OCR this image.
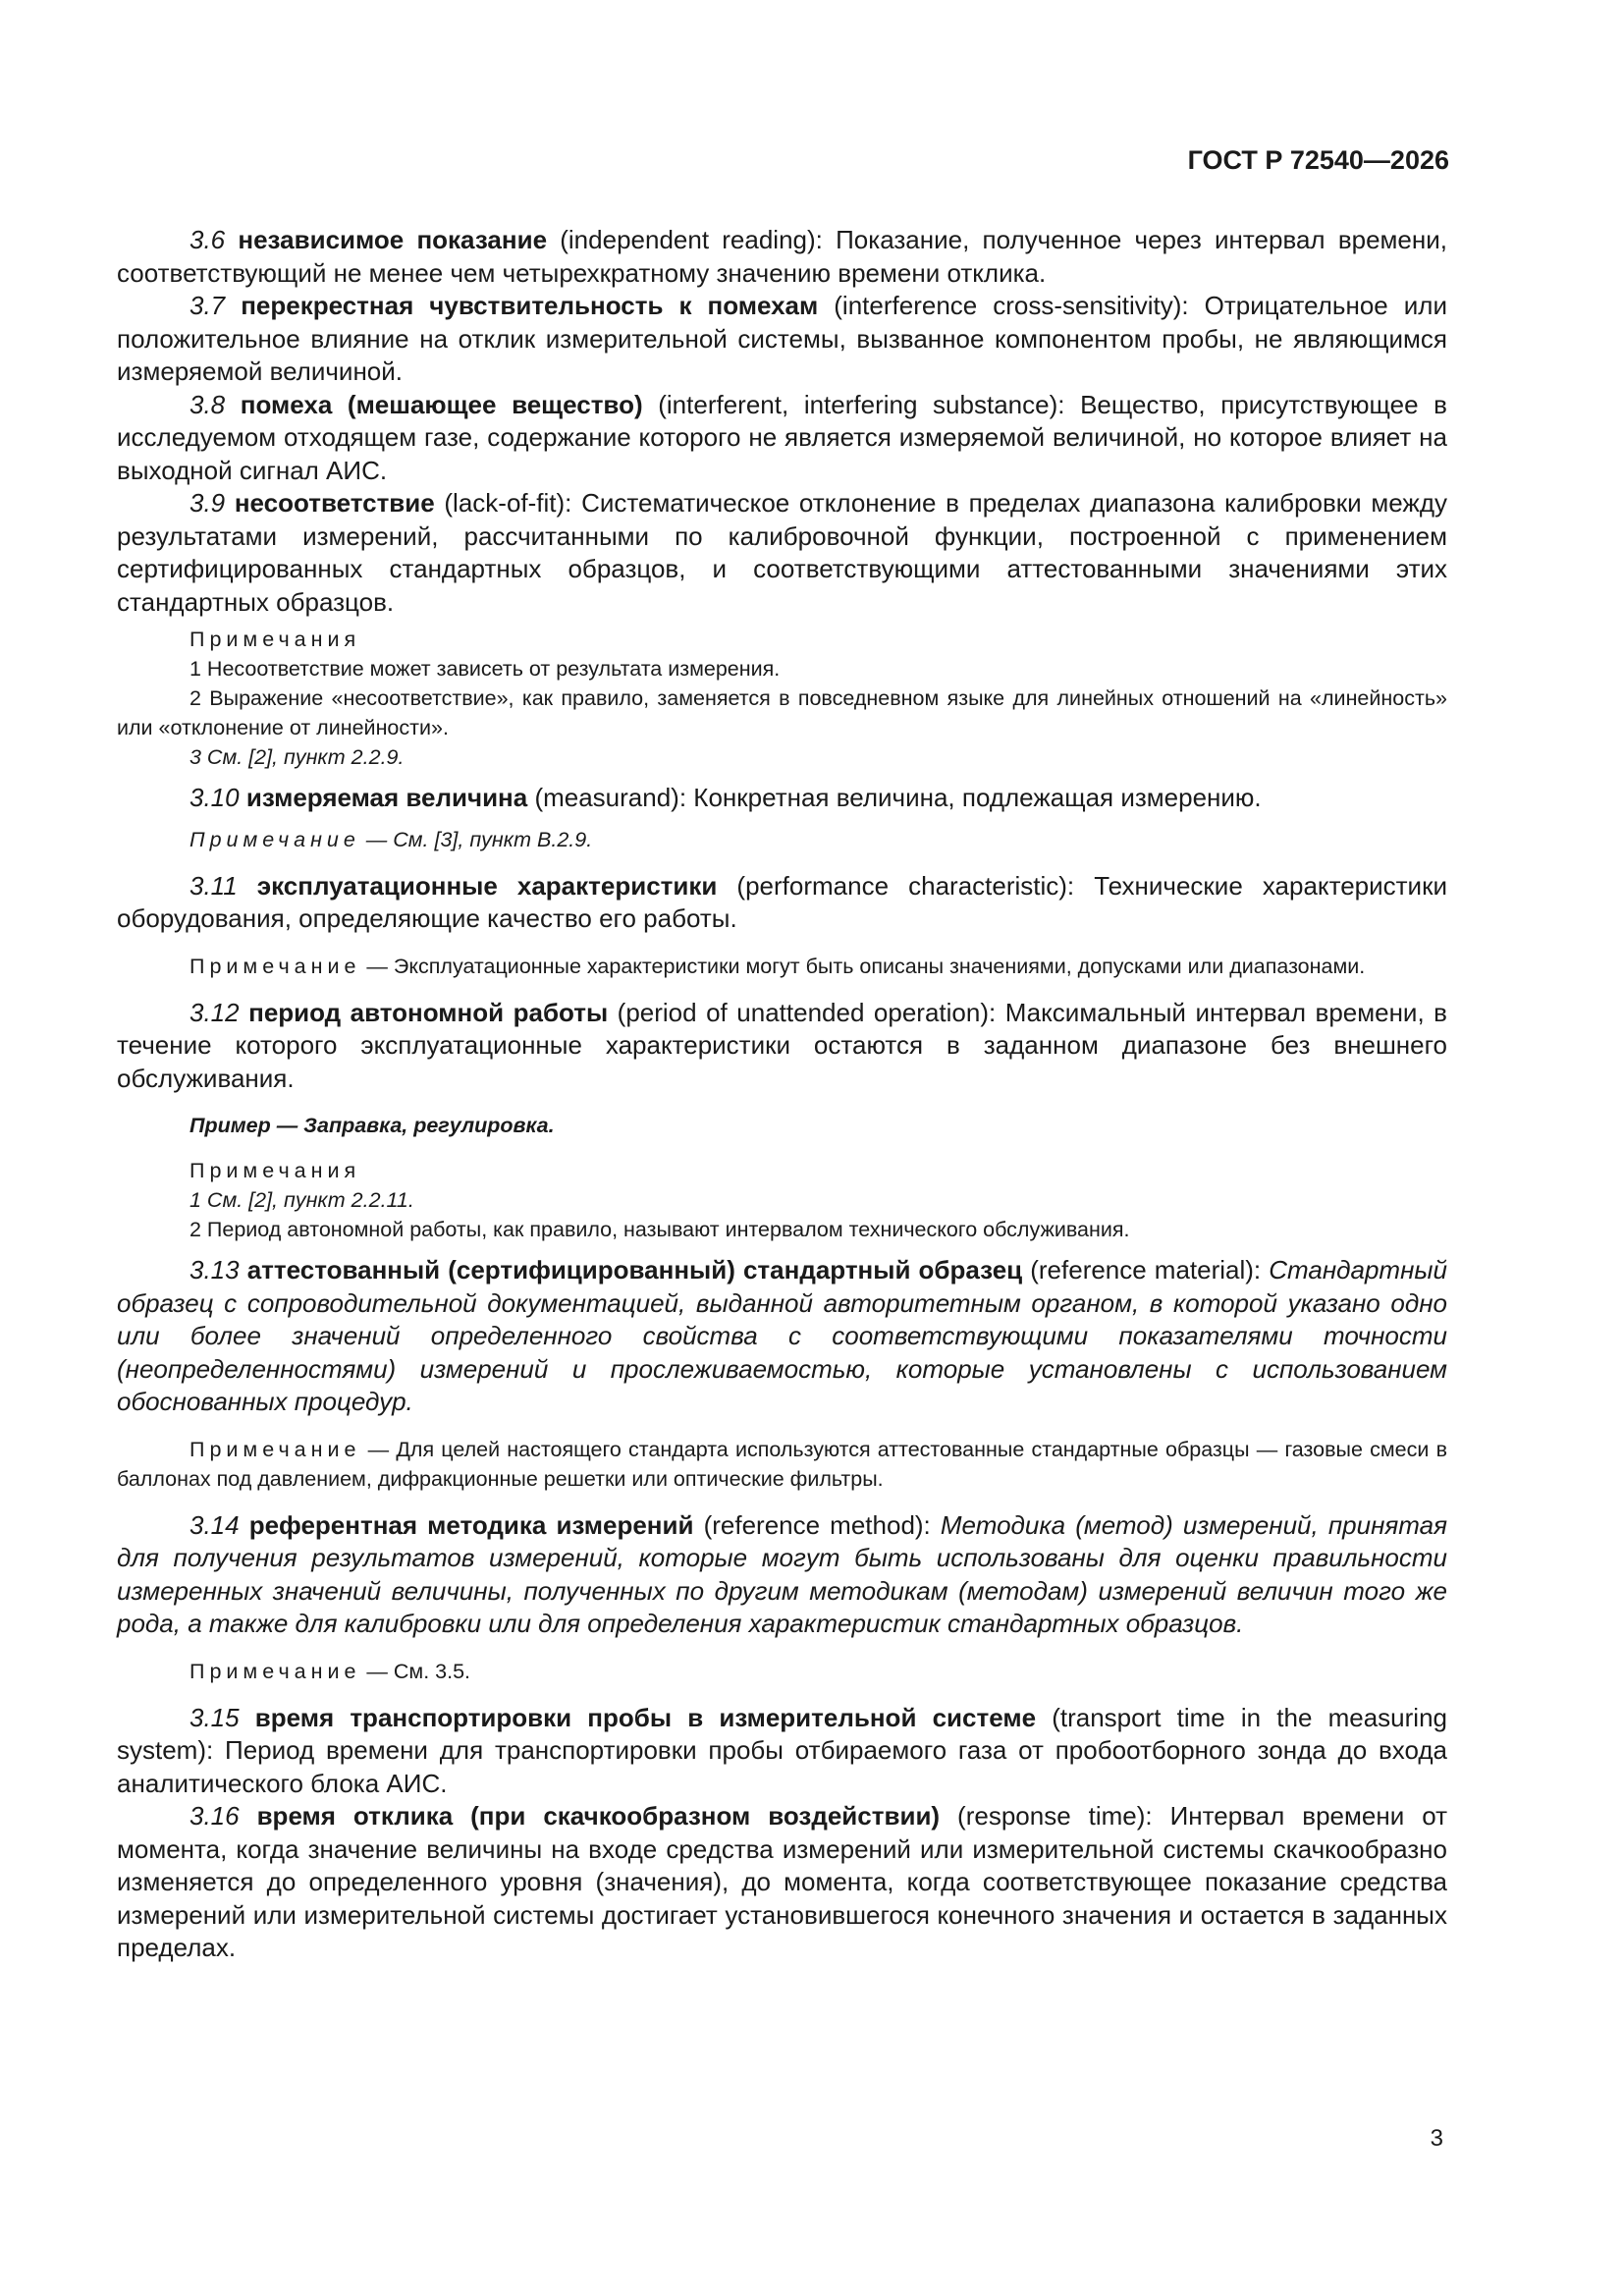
ГОСТ Р 72540—2026

3.6 независимое показание (independent reading): Показание, полученное через интервал времени, соответствующий не менее чем четырехкратному значению времени отклика.

3.7 перекрестная чувствительность к помехам (interference cross-sensitivity): Отрицательное или положительное влияние на отклик измерительной системы, вызванное компонентом пробы, не являющимся измеряемой величиной.

3.8 помеха (мешающее вещество) (interferent, interfering substance): Вещество, присутствующее в исследуемом отходящем газе, содержание которого не является измеряемой величиной, но которое влияет на выходной сигнал АИС.

3.9 несоответствие (lack-of-fit): Систематическое отклонение в пределах диапазона калибровки между результатами измерений, рассчитанными по калибровочной функции, построенной с применением сертифицированных стандартных образцов, и соответствующими аттестованными значениями этих стандартных образцов.

Примечания

1 Несоответствие может зависеть от результата измерения.

2 Выражение «несоответствие», как правило, заменяется в повседневном языке для линейных отношений на «линейность» или «отклонение от линейности».

3 См. [2], пункт 2.2.9.

3.10 измеряемая величина (measurand): Конкретная величина, подлежащая измерению.

Примечание — См. [3], пункт В.2.9.

3.11 эксплуатационные характеристики (performance characteristic): Технические характеристики оборудования, определяющие качество его работы.

Примечание — Эксплуатационные характеристики могут быть описаны значениями, допусками или диапазонами.

3.12 период автономной работы (period of unattended operation): Максимальный интервал времени, в течение которого эксплуатационные характеристики остаются в заданном диапазоне без внешнего обслуживания.

Пример — Заправка, регулировка.

Примечания

1 См. [2], пункт 2.2.11.

2 Период автономной работы, как правило, называют интервалом технического обслуживания.

3.13 аттестованный (сертифицированный) стандартный образец (reference material): Стандартный образец с сопроводительной документацией, выданной авторитетным органом, в которой указано одно или более значений определенного свойства с соответствующими показателями точности (неопределенностями) измерений и прослеживаемостью, которые установлены с использованием обоснованных процедур.

Примечание — Для целей настоящего стандарта используются аттестованные стандартные образцы — газовые смеси в баллонах под давлением, дифракционные решетки или оптические фильтры.

3.14 референтная методика измерений (reference method): Методика (метод) измерений, принятая для получения результатов измерений, которые могут быть использованы для оценки правильности измеренных значений величины, полученных по другим методикам (методам) измерений величин того же рода, а также для калибровки или для определения характеристик стандартных образцов.

Примечание — См. 3.5.

3.15 время транспортировки пробы в измерительной системе (transport time in the measuring system): Период времени для транспортировки пробы отбираемого газа от пробоотборного зонда до входа аналитического блока АИС.

3.16 время отклика (при скачкообразном воздействии) (response time): Интервал времени от момента, когда значение величины на входе средства измерений или измерительной системы скачкообразно изменяется до определенного уровня (значения), до момента, когда соответствующее показание средства измерений или измерительной системы достигает установившегося конечного значения и остается в заданных пределах.

3
